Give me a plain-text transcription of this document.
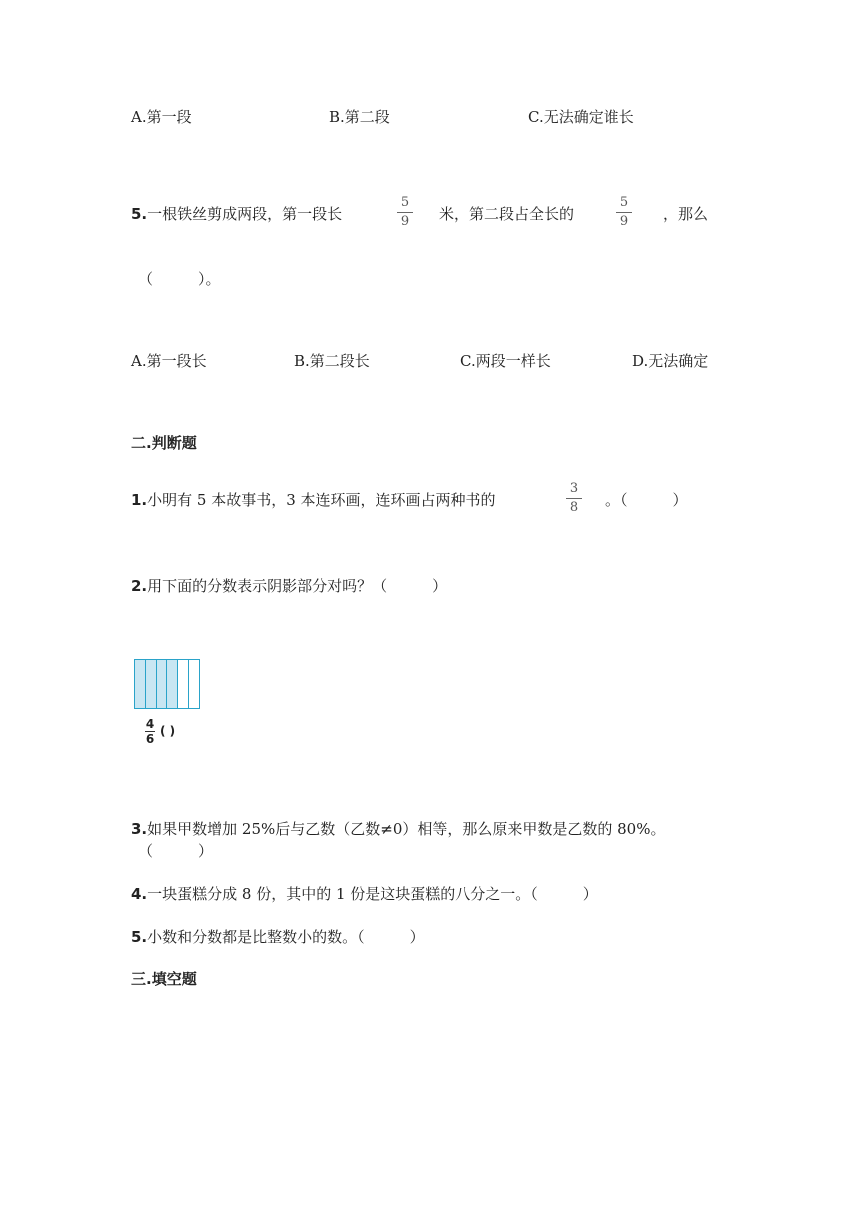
A.第一段	B.第二段	C.无法确定谁长
5.一根铁丝剪成两段，第一段长
5
9 米，第二段占全长的
5
9 ，那么
（　　　）。
A.第一段长	B.第二段长	C.两段一样长	D.无法确定
二.判断题
1.小明有 5 本故事书，3 本连环画，连环画占两种书的
3
8 。（　　　）
2.用下面的分数表示阴影部分对吗？（　　　）
4
6
( )
3.如果甲数增加 25%后与乙数（乙数≠0）相等，那么原来甲数是乙数的 80%。
（　　　）
4.一块蛋糕分成 8 份，其中的 1 份是这块蛋糕的八分之一。（　　　）
5.小数和分数都是比整数小的数。（　　　）
三.填空题
